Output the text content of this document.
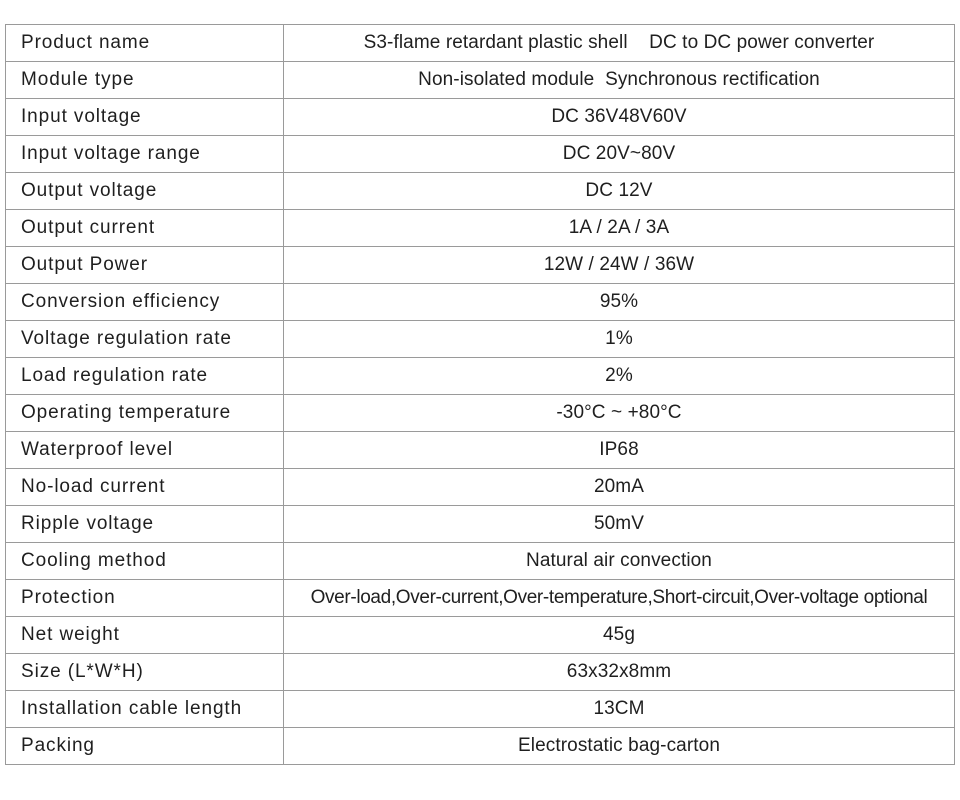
Product name	S3-flame retardant plastic shell    DC to DC power converter
Module type	Non-isolated module  Synchronous rectification
Input voltage	DC 36V48V60V
Input voltage range	DC 20V~80V
Output voltage	DC 12V
Output current	1A / 2A / 3A
Output Power	12W / 24W / 36W
Conversion efficiency	95%
Voltage regulation rate	1%
Load regulation rate	2%
Operating temperature	-30°C ~ +80°C
Waterproof level	IP68
No-load current	20mA
Ripple voltage	50mV
Cooling method	Natural air convection
Protection	Over-load,Over-current,Over-temperature,Short-circuit,Over-voltage optional
Net weight	45g
Size (L*W*H)	63x32x8mm
Installation cable length	13CM
Packing	Electrostatic bag-carton
